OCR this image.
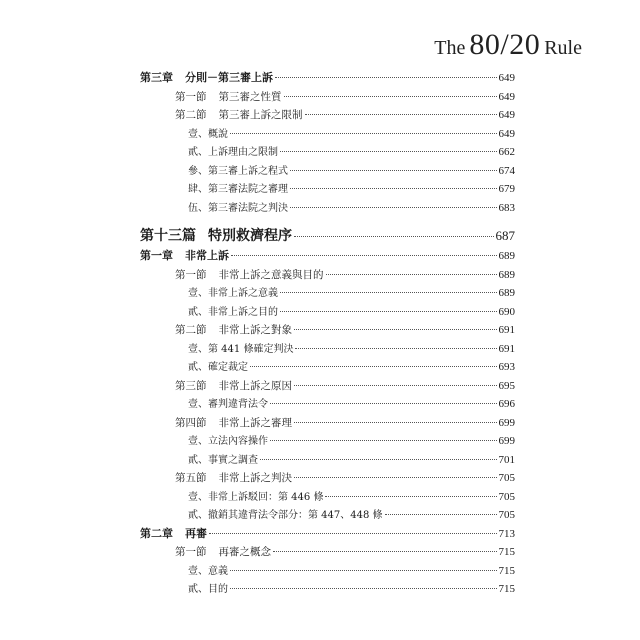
The 80/20 Rule
第三章 分則－第三審上訴	649
第一節 第三審之性質	649
第二節 第三審上訴之限制	649
壹、概說	649
貳、上訴理由之限制	662
參、第三審上訴之程式	674
肆、第三審法院之審理	679
伍、第三審法院之判決	683
第十三篇 特別救濟程序	687
第一章 非常上訴	689
第一節 非常上訴之意義與目的	689
壹、非常上訴之意義	689
貳、非常上訴之目的	690
第二節 非常上訴之對象	691
壹、第 441 條確定判決	691
貳、確定裁定	693
第三節 非常上訴之原因	695
壹、審判違背法令	696
第四節 非常上訴之審理	699
壹、立法內容操作	699
貳、事實之調查	701
第五節 非常上訴之判決	705
壹、非常上訴駁回：第 446 條	705
貳、撤銷其違背法令部分：第 447、448 條	705
第二章 再審	713
第一節 再審之概念	715
壹、意義	715
貳、目的	715
